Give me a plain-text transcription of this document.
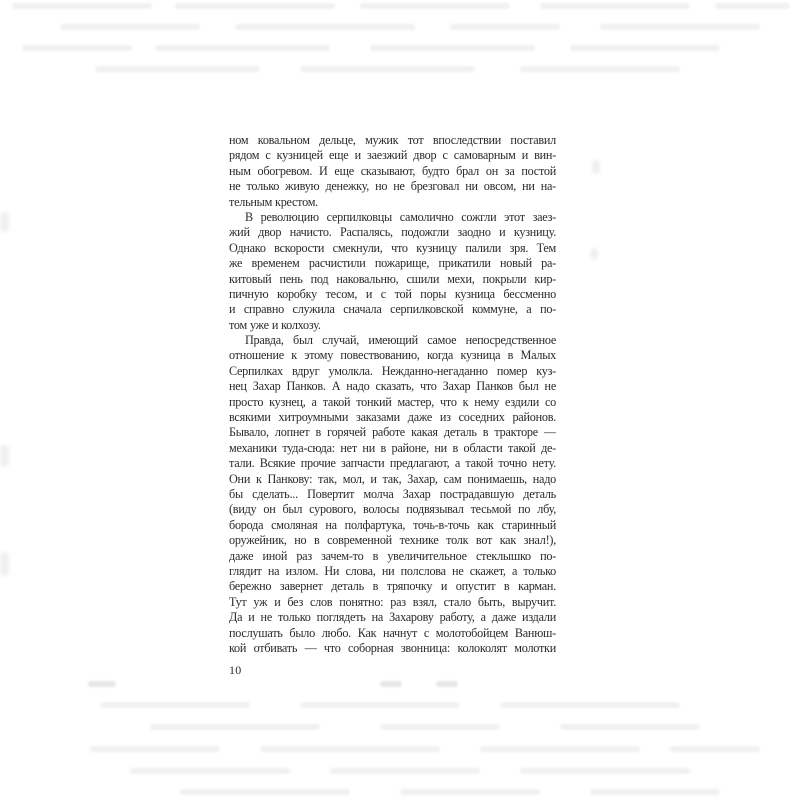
ном ковальном дельце, мужик тот впоследствии поставил
рядом с кузницей еще и заезжий двор с самоварным и вин-
ным обогревом. И еще сказывают, будто брал он за постой
не только живую денежку, но не брезговал ни овсом, ни на-
тельным крестом.
В революцию серпилковцы самолично сожгли этот заез-
жий двор начисто. Распалясь, подожгли заодно и кузницу.
Однако вскорости смекнули, что кузницу палили зря. Тем
же временем расчистили пожарище, прикатили новый ра-
китовый пень под наковальню, сшили мехи, покрыли кир-
пичную коробку тесом, и с той поры кузница бессменно
и справно служила сначала серпилковской коммуне, а по-
том уже и колхозу.
Правда, был случай, имеющий самое непосредственное
отношение к этому повествованию, когда кузница в Малых
Серпилках вдруг умолкла. Нежданно-негаданно помер куз-
нец Захар Панков. А надо сказать, что Захар Панков был не
просто кузнец, а такой тонкий мастер, что к нему ездили со
всякими хитроумными заказами даже из соседних районов.
Бывало, лопнет в горячей работе какая деталь в тракторе —
механики туда-сюда: нет ни в районе, ни в области такой де-
тали. Всякие прочие запчасти предлагают, а такой точно нету.
Они к Панкову: так, мол, и так, Захар, сам понимаешь, надо
бы сделать... Повертит молча Захар пострадавшую деталь
(виду он был сурового, волосы подвязывал тесьмой по лбу,
борода смоляная на полфартука, точь-в-точь как старинный
оружейник, но в современной технике толк вот как знал!),
даже иной раз зачем-то в увеличительное стеклышко по-
глядит на излом. Ни слова, ни полслова не скажет, а только
бережно завернет деталь в тряпочку и опустит в карман.
Тут уж и без слов понятно: раз взял, стало быть, выручит.
Да и не только поглядеть на Захарову работу, а даже издали
послушать было любо. Как начнут с молотобойцем Ванюш-
кой отбивать — что соборная звонница: колоколят молотки
10
